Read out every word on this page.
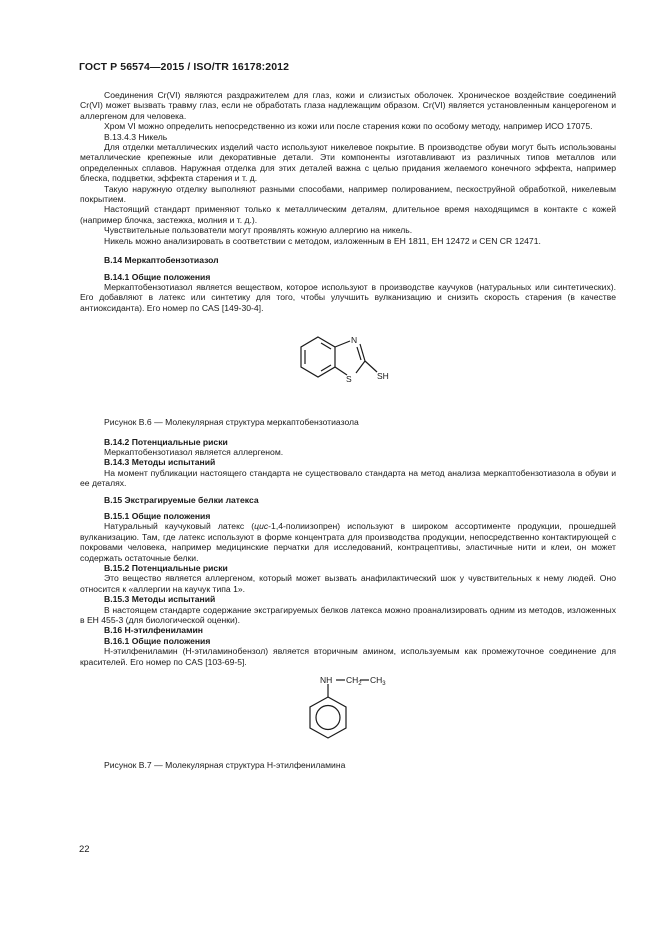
ГОСТ Р 56574—2015 / ISO/TR 16178:2012

Соединения Cr(VI) являются раздражителем для глаз, кожи и слизистых оболочек. Хроническое воздействие соединений Cr(VI) может вызвать травму глаз, если не обработать глаза надлежащим образом. Cr(VI) является установленным канцерогеном и аллергеном для человека.

Хром VI можно определить непосредственно из кожи или после старения кожи по особому методу, например ИСО 17075.

В.13.4.3 Никель

Для отделки металлических изделий часто используют никелевое покрытие. В производстве обуви могут быть использованы металлические крепежные или декоративные детали. Эти компоненты изготавливают из различных типов металлов или определенных сплавов. Наружная отделка для этих деталей важна с целью придания желаемого конечного эффекта, например блеска, подцветки, эффекта старения и т. д.

Такую наружную отделку выполняют разными способами, например полированием, пескоструйной обработкой, никелевым покрытием.

Настоящий стандарт применяют только к металлическим деталям, длительное время находящимся в контакте с кожей (например блочка, застежка, молния и т. д.).

Чувствительные пользователи могут проявлять кожную аллергию на никель.

Никель можно анализировать в соответствии с методом, изложенным в ЕН 1811, ЕН 12472 и CEN CR 12471.

В.14 Меркаптобензотиазол
В.14.1 Общие положения

Меркаптобензотиазол является веществом, которое используют в производстве каучуков (натуральных или синтетических). Его добавляют в латекс или синтетику для того, чтобы улучшить вулканизацию и снизить скорость старения (в качестве антиоксиданта). Его номер по CAS [149-30-4].

N
S	SH

Рисунок В.6 — Молекулярная структура меркаптобензотиазола

В.14.2 Потенциальные риски

Меркаптобензотиазол является аллергеном.

В.14.3 Методы испытаний

На момент публикации настоящего стандарта не существовало стандарта на метод анализа меркаптобензотиазола в обуви и ее деталях.

В.15 Экстрагируемые белки латекса
В.15.1 Общие положения

Натуральный каучуковый латекс (цис-1,4-полиизопрен) используют в широком ассортименте продукции, прошедшей вулканизацию. Там, где латекс используют в форме концентрата для производства продукции, непосредственно контактирующей с покровами человека, например медицинские перчатки для исследований, контрацептивы, эластичные нити и клеи, он может содержать остаточные белки.

В.15.2 Потенциальные риски

Это вещество является аллергеном, который может вызвать анафилактический шок у чувствительных к нему людей. Оно относится к «аллергии на каучук типа 1».

В.15.3 Методы испытаний

В настоящем стандарте содержание экстрагируемых белков латекса можно проанализировать одним из методов, изложенных в ЕН 455-3 (для биологической оценки).

В.16 Н-этилфениламин
В.16.1 Общие положения

Н-этилфениламин (Н-этиламинобензол) является вторичным амином, используемым как промежуточное соединение для красителей. Его номер по CAS [103-69-5].

NH $CH_2$ $CH_3$

Рисунок В.7 — Молекулярная структура Н-этилфениламина

22
